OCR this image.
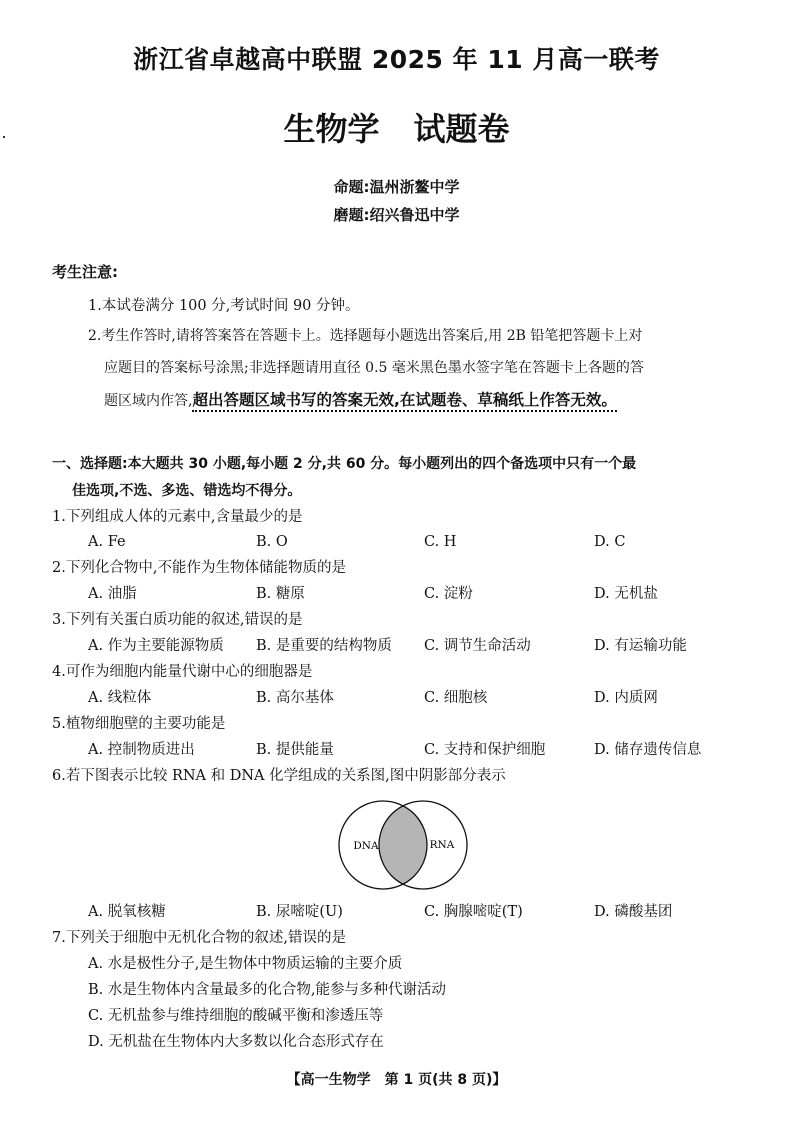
浙江省卓越高中联盟 2025 年 11 月高一联考
生物学 试题卷
命题:温州浙鳌中学
磨题:绍兴鲁迅中学
考生注意:
1.本试卷满分 100 分,考试时间 90 分钟。
2.考生作答时,请将答案答在答题卡上。选择题每小题选出答案后,用 2B 铅笔把答题卡上对
应题目的答案标号涂黑;非选择题请用直径 0.5 毫米黑色墨水签字笔在答题卡上各题的答
题区域内作答,超出答题区域书写的答案无效,在试题卷、草稿纸上作答无效。
一、选择题:本大题共 30 小题,每小题 2 分,共 60 分。每小题列出的四个备选项中只有一个最
佳选项,不选、多选、错选均不得分。
1.下列组成人体的元素中,含量最少的是
A. Fe	B. O	C. H	D. C
2.下列化合物中,不能作为生物体储能物质的是
A. 油脂	B. 糖原	C. 淀粉	D. 无机盐
3.下列有关蛋白质功能的叙述,错误的是
A. 作为主要能源物质 B. 是重要的结构物质 C. 调节生命活动	D. 有运输功能
4.可作为细胞内能量代谢中心的细胞器是
A. 线粒体	B. 高尔基体	C. 细胞核	D. 内质网
5.植物细胞壁的主要功能是
A. 控制物质进出	B. 提供能量	C. 支持和保护细胞	D. 储存遗传信息
6.若下图表示比较 RNA 和 DNA 化学组成的关系图,图中阴影部分表示
DNA	RNA
A. 脱氧核糖	B. 尿嘧啶(U)	C. 胸腺嘧啶(T)	D. 磷酸基团
7.下列关于细胞中无机化合物的叙述,错误的是
A. 水是极性分子,是生物体中物质运输的主要介质
B. 水是生物体内含量最多的化合物,能参与多种代谢活动
C. 无机盐参与维持细胞的酸碱平衡和渗透压等
D. 无机盐在生物体内大多数以化合态形式存在
【高一生物学　第 1 页(共 8 页)】
